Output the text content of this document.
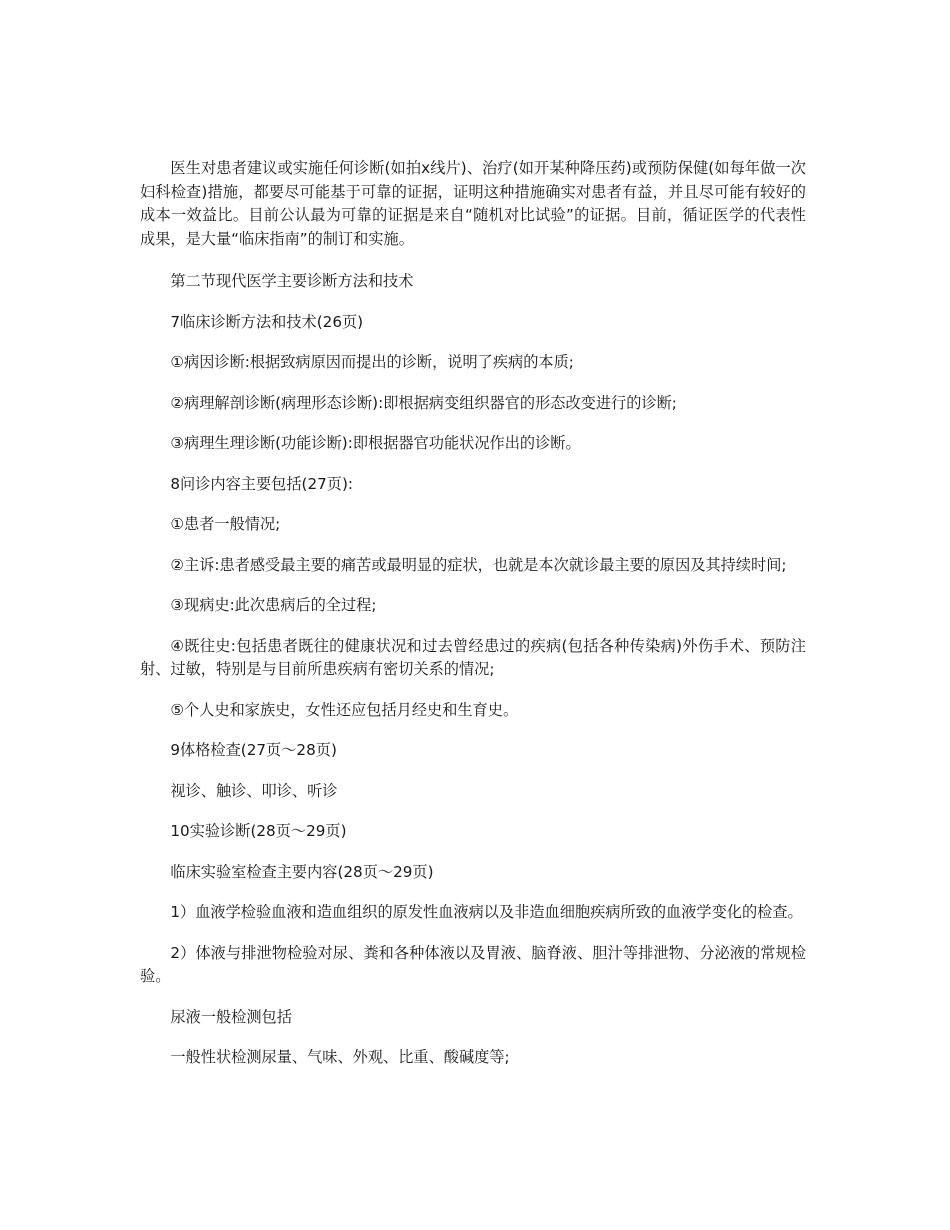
医生对患者建议或实施任何诊断(如拍x线片)、治疗(如开某种降压药)或预防保健(如每年做一次妇科检查)措施，都要尽可能基于可靠的证据，证明这种措施确实对患者有益，并且尽可能有较好的成本一效益比。目前公认最为可靠的证据是来自“随机对比试验”的证据。目前，循证医学的代表性成果，是大量“临床指南”的制订和实施。

第二节现代医学主要诊断方法和技术

7临床诊断方法和技术(26页)

①病因诊断:根据致病原因而提出的诊断，说明了疾病的本质;

②病理解剖诊断(病理形态诊断):即根据病变组织器官的形态改变进行的诊断;

③病理生理诊断(功能诊断):即根据器官功能状况作出的诊断。

8问诊内容主要包括(27页):

①患者一般情况;

②主诉:患者感受最主要的痛苦或最明显的症状，也就是本次就诊最主要的原因及其持续时间;

③现病史:此次患病后的全过程;

④既往史:包括患者既往的健康状况和过去曾经患过的疾病(包括各种传染病)外伤手术、预防注射、过敏，特别是与目前所患疾病有密切关系的情况;

⑤个人史和家族史，女性还应包括月经史和生育史。

9体格检查(27页～28页)

视诊、触诊、叩诊、听诊

10实验诊断(28页～29页)

临床实验室检查主要内容(28页～29页)

1）血液学检验血液和造血组织的原发性血液病以及非造血细胞疾病所致的血液学变化的检查。

2）体液与排泄物检验对尿、粪和各种体液以及胃液、脑脊液、胆汁等排泄物、分泌液的常规检验。

尿液一般检测包括

一般性状检测尿量、气味、外观、比重、酸碱度等;
